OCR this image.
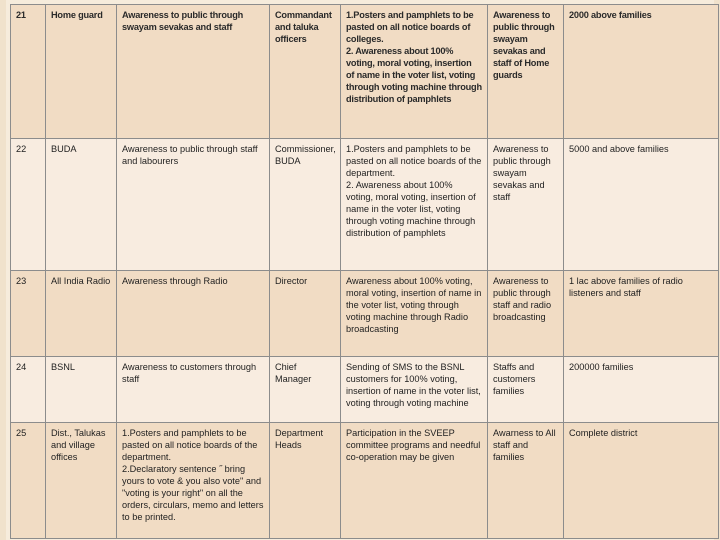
21	Home guard	Awareness to public through swayam sevakas and staff	Commandant and taluka officers	1.Posters and pamphlets to be pasted on all notice boards of colleges.
2. Awareness about 100% voting, moral voting, insertion of name in the voter list, voting through voting machine through distribution of pamphlets	Awareness to public through swayam sevakas and staff of Home guards	2000 above families
22	BUDA	Awareness to public through staff and labourers	Commissioner, BUDA	1.Posters and pamphlets to be pasted on all notice boards of the department.
2. Awareness about 100% voting, moral voting, insertion of name in the voter list, voting through voting machine through distribution of pamphlets	Awareness to public through swayam sevakas and staff	5000 and above families
23	All India Radio	Awareness through Radio	Director	Awareness about 100% voting, moral voting, insertion of name in the voter list, voting through voting machine through Radio broadcasting	Awareness to public through staff and radio broadcasting	1 lac above families of radio listeners and staff
24	BSNL	Awareness to customers through staff	Chief Manager	Sending of SMS to the BSNL customers for 100% voting, insertion of name in the voter list, voting through voting machine	Staffs and customers families	200000 families
25	Dist., Talukas and village offices	1.Posters and pamphlets to be pasted on all notice boards of the department.
2.Declaratory sentence ˝ bring yours to vote & you also vote" and "voting is your right" on all the orders, circulars, memo and letters to be printed.	Department Heads	Participation in the SVEEP committee programs and needful co-operation may be given	Awarness to All staff and families	Complete district
